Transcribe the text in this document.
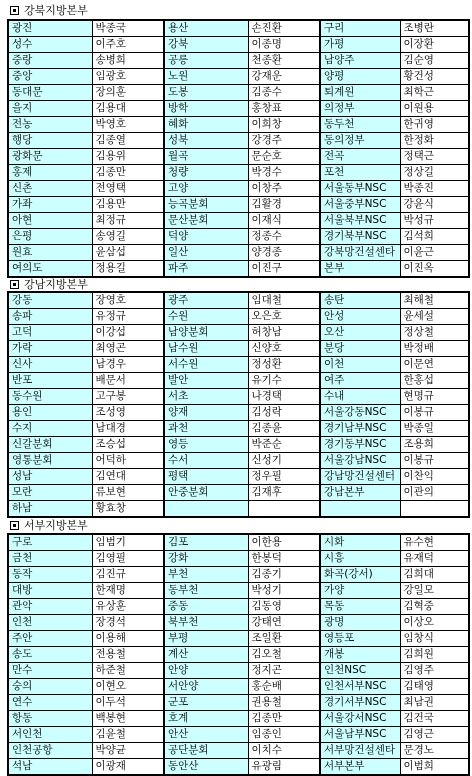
강북지방본부
광진	박종국	용산	손진환	구리	조병란
성수	이주호	강북	이종명	가평	이장환
중랑	송병희	공릉	천종환	남양주	김순영
중앙	임광호	노원	강재운	양평	황건성
동대문	장의훈	도봉	김종수	퇴계원	최학근
을지	김용대	방학	홍창표	의정부	이원용
전농	박영호	혜화	이희창	동두천	한귀영
행당	김종열	성북	강경주	동의정부	한정화
광화문	김용위	월곡	문순호	전곡	정택근
홍제	김종만	청량	박경수	포천	정상길
신촌	전영택	고양	이창주	서울동부NSC	박종진
가좌	김용만	능곡분회	김활경	서울중부NSC	강윤식
아현	최정규	문산분회	이재식	서울북부NSC	박성규
은평	송영길	덕양	정종수	경기북부NSC	김석희
원효	윤삼섭	일산	양경종	강북망건설센타	이윤근
여의도	정용길	파주	이진구	본부	이진옥
강남지방본부
강동	장영호	광주	임대철	송탄	최해철
송파	유정규	수원	오은호	안성	윤세설
고덕	이강섭	남양분회	허창남	오산	정상철
가락	최영곤	남수원	신양호	분당	박정배
신사	남경우	서수원	정성환	이천	이문연
반포	배문서	발안	유기수	여주	한홍섭
동수원	고구봉	서초	나경택	수내	현명규
용인	조성영	양재	김성락	서울강동NSC	이봉규
수지	남대경	과천	김종윤	경기남부NSC	박종일
신갈분회	조승섭	영등	박준순	경기동부NSC	조용희
영통분회	어덕하	수서	신성기	서울강남NSC	이봉규
성남	김연대	평택	정우필	강남망건설센터	이찬익
모란	류보현	안중분회	김재후	강남본부	이관의
하남	황효창				
서부지방본부
구로	임범기	김포	이한용	시화	유수현
금천	김영필	강화	한봉덕	시흥	유재덕
동작	김진규	부천	김종기	화곡(강서)	김희대
대방	한재명	동부천	박성기	가양	강일모
관악	유상훈	중동	김동영	목동	김혁중
인천	장경석	북부천	강태연	광명	이상오
주안	이용해	부평	조일환	영등포	임창식
송도	전용철	계산	김오철	개봉	김희원
만수	하준철	안양	정지곤	인천NSC	김영주
숭의	이현오	서안양	홍순배	인천서부NSC	김태영
연수	이두석	군포	권용철	경기서부NSC	최남권
항동	백봉현	호계	김종만	서울강서NSC	김건국
서인천	김윤철	안산	임종인	서울남부NSC	김영근
인천공항	박양균	공단분회	이치수	서부망건설센타	문경노
석남	이광재	동안산	유광림	서부본부	이범희
